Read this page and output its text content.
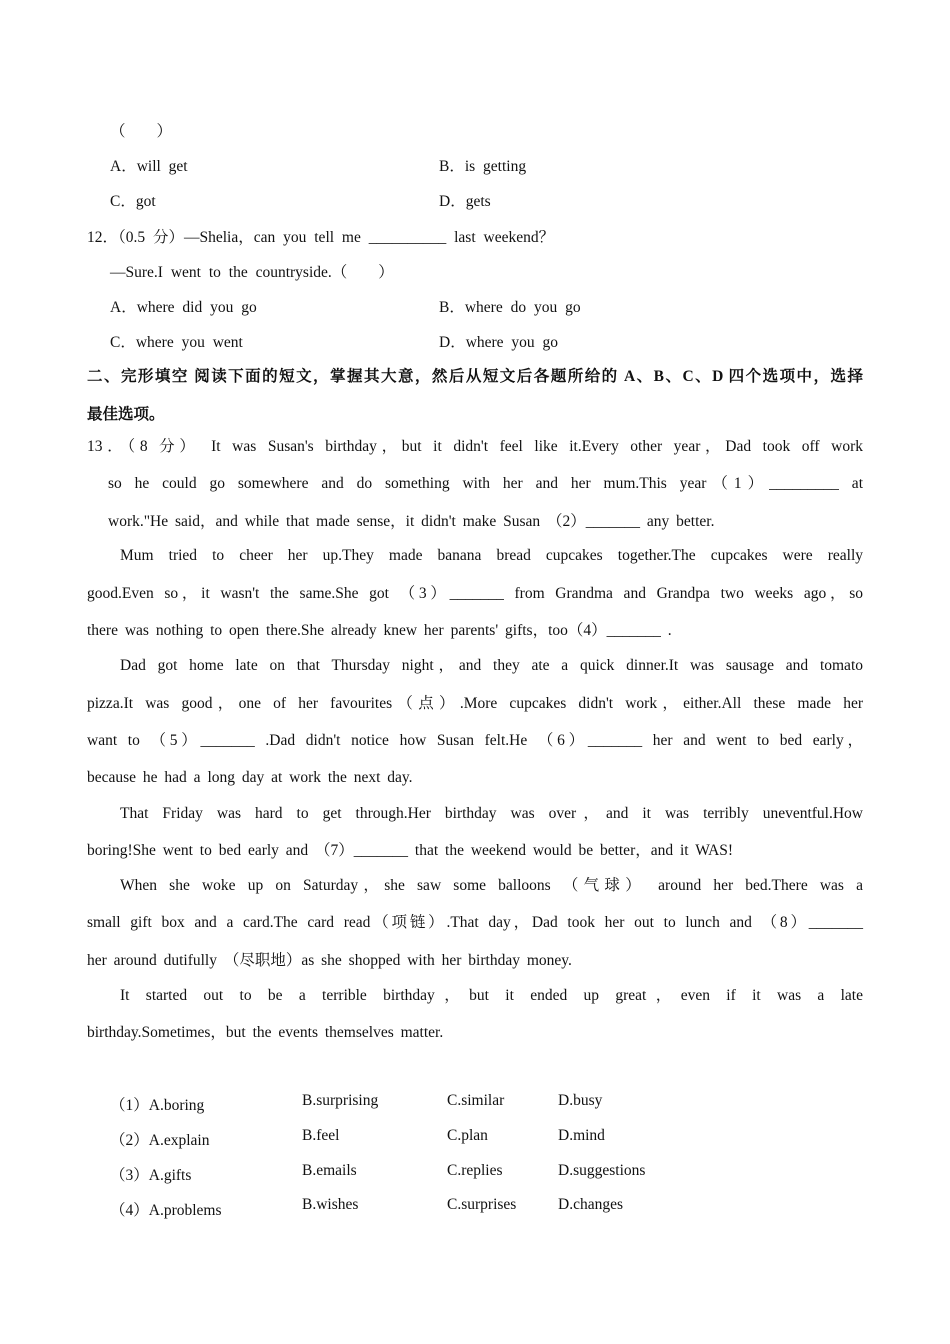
（　　）
A．will get	B．is getting
C．got	D．gets
12．（0.5 分）—Shelia，can you tell me __________ last weekend？
—Sure.I went to the countryside.（　　）
A．where did you go	B．where do you go
C．where you went	D．where you go
二、完形填空 阅读下面的短文，掌握其大意，然后从短文后各题所给的 A、B、C、D 四个选项中，选择
最佳选项。
13．（8 分） It was Susan's birthday，but it didn't feel like it.Every other year，Dad took off work
so he could go somewhere and do something with her and her mum.This year（1）_________ at
work."He said，and while that made sense，it didn't make Susan （2）_______ any better.
Mum tried to cheer her up.They made banana bread cupcakes together.The cupcakes were really
good.Even so，it wasn't the same.She got （3）_______ from Grandma and Grandpa two weeks ago，so
there was nothing to open there.She already knew her parents' gifts，too（4）_______ .
Dad got home late on that Thursday night，and they ate a quick dinner.It was sausage and tomato
pizza.It was good，one of her favourites（点）.More cupcakes didn't work，either.All these made her
want to （5）_______ .Dad didn't notice how Susan felt.He （6）_______ her and went to bed early，
because he had a long day at work the next day.
That Friday was hard to get through.Her birthday was over，and it was terribly uneventful.How
boring!She went to bed early and （7）_______ that the weekend would be better，and it WAS!
When she woke up on Saturday，she saw some balloons （气球） around her bed.There was a
small gift box and a card.The card read（项链）.That day，Dad took her out to lunch and （8）_______
her around dutifully （尽职地）as she shopped with her birthday money.
It started out to be a terrible birthday，but it ended up great，even if it was a late
birthday.Sometimes，but the events themselves matter.
（1）A.boring	B.surprising	C.similar	D.busy
（2）A.explain	B.feel	C.plan	D.mind
（3）A.gifts	B.emails	C.replies	D.suggestions
（4）A.problems	B.wishes	C.surprises	D.changes
